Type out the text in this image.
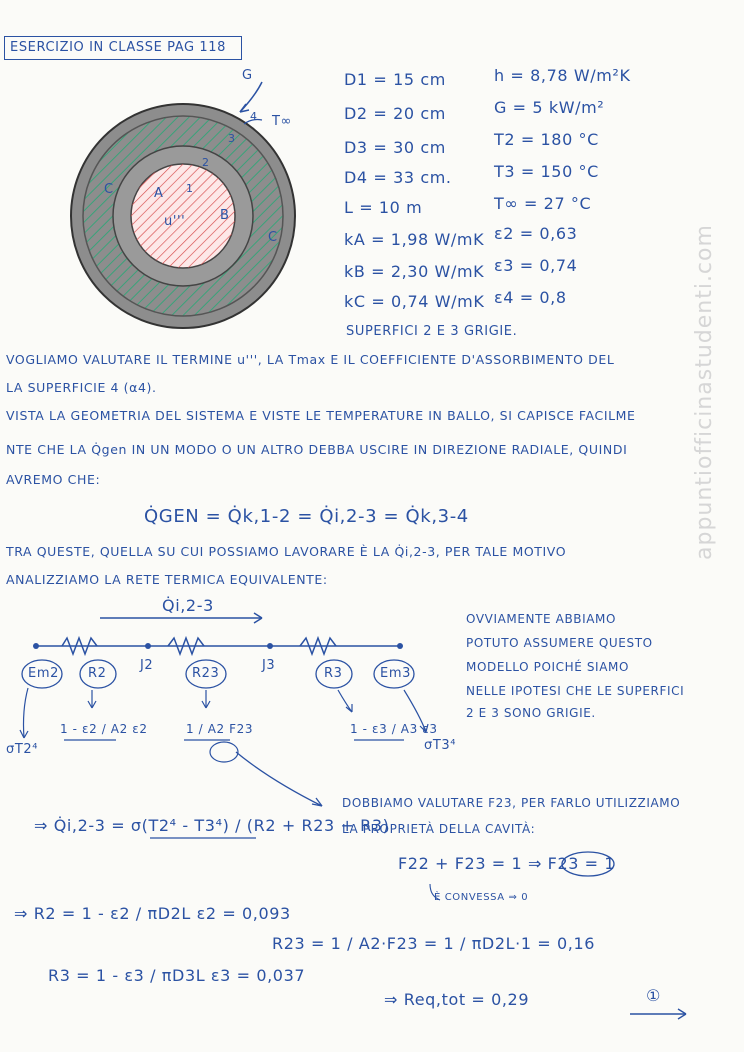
ESERCIZIO IN CLASSE PAG 118
G
4 T∞
3
2
1
A
u'''	B
C
C
D1 = 15 cm
D2 = 20 cm
D3 = 30 cm
D4 = 33 cm.
L = 10 m
kA = 1,98 W/mK
kB = 2,30 W/mK
kC = 0,74 W/mK
h = 8,78 W/m²K
G = 5 kW/m²
T2 = 180 °C
T3 = 150 °C
T∞ = 27 °C
ε2 = 0,63
ε3 = 0,74
ε4 = 0,8
SUPERFICI 2 E 3 GRIGIE.
VOGLIAMO VALUTARE IL TERMINE u''', LA Tmax E IL COEFFICIENTE D'ASSORBIMENTO DEL
LA SUPERFICIE 4 (α4).
VISTA LA GEOMETRIA DEL SISTEMA E VISTE LE TEMPERATURE IN BALLO, SI CAPISCE FACILME
NTE CHE LA Q̇gen IN UN MODO O UN ALTRO DEBBA USCIRE IN DIREZIONE RADIALE, QUINDI
AVREMO CHE:
Q̇GEN = Q̇k,1-2 = Q̇i,2-3 = Q̇k,3-4
TRA QUESTE, QUELLA SU CUI POSSIAMO LAVORARE È LA Q̇i,2-3, PER TALE MOTIVO
ANALIZZIAMO LA RETE TERMICA EQUIVALENTE:
Q̇i,2-3
Em2 R2
J2
R23
J3
R3	Em3
1 - ε2 / A2 ε2	1 / A2 F23	1 - ε3 / A3 ε3
σT2⁴	σT3⁴
OVVIAMENTE ABBIAMO
POTUTO ASSUMERE QUESTO
MODELLO POICHÉ SIAMO
NELLE IPOTESI CHE LE SUPERFICI
2 E 3 SONO GRIGIE.
DOBBIAMO VALUTARE F23, PER FARLO UTILIZZIAMO
LA PROPRIETÀ DELLA CAVITÀ:
F22 + F23 = 1 ⇒ F23 = 1
È CONVESSA ⇒ 0
⇒ Q̇i,2-3 = σ(T2⁴ - T3⁴) / (R2 + R23 + R3)
⇒ R2 = 1 - ε2 / πD2L ε2 = 0,093
R3 = 1 - ε3 / πD3L ε3 = 0,037
R23 = 1 / A2·F23 = 1 / πD2L·1 = 0,16
⇒ Req,tot = 0,29	①
appuntiofficinastudenti.com
